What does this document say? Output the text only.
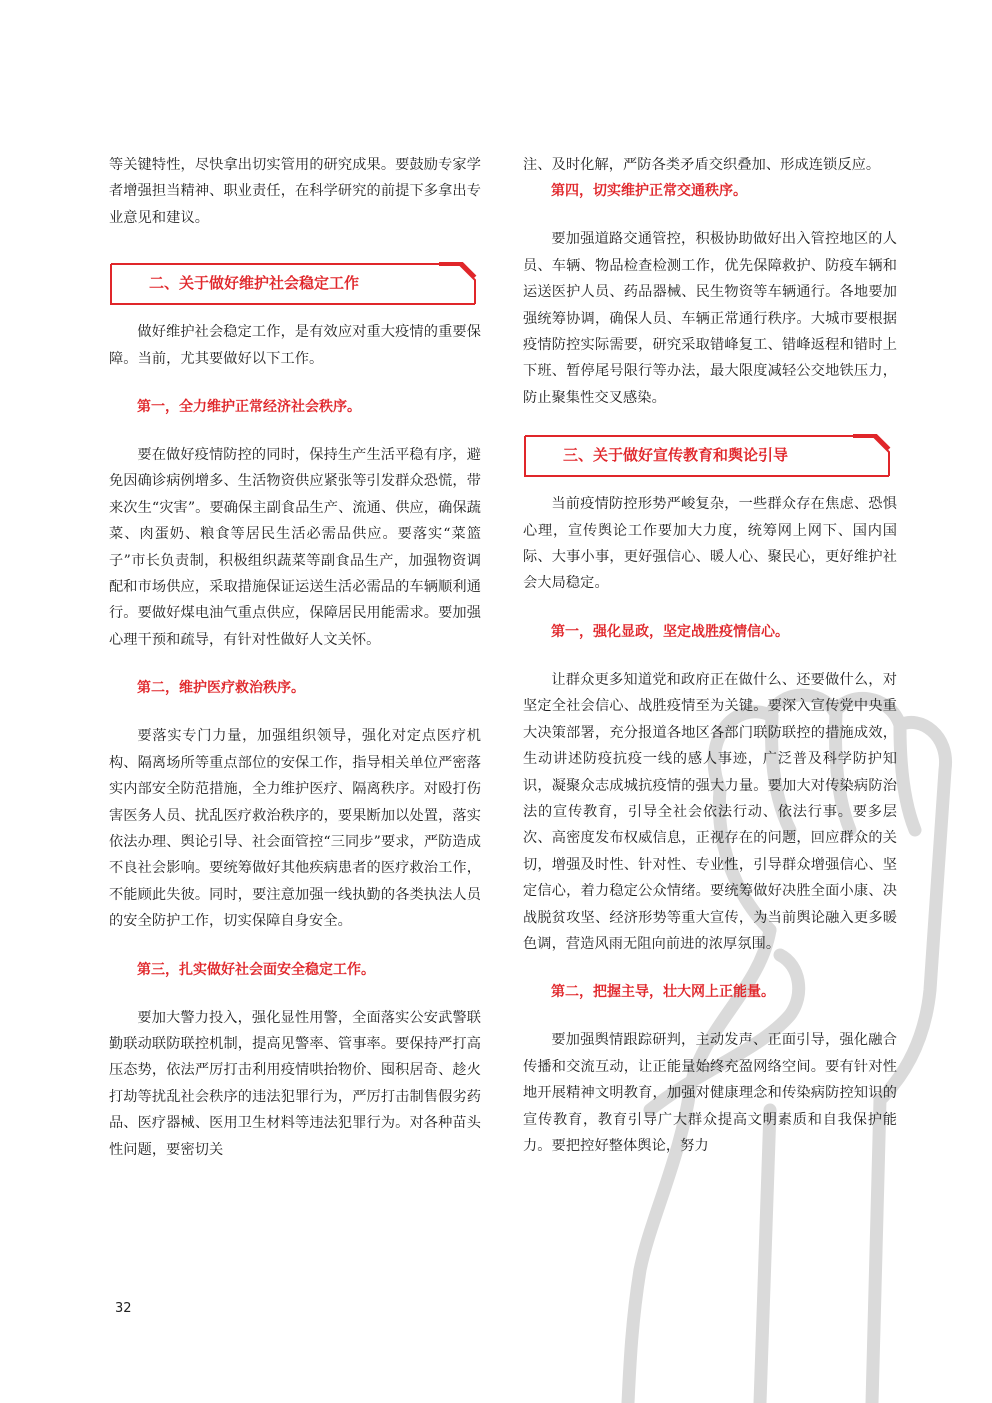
等关键特性，尽快拿出切实管用的研究成果。要鼓励专家学者增强担当精神、职业责任，在科学研究的前提下多拿出专业意见和建议。

二、关于做好维护社会稳定工作

做好维护社会稳定工作，是有效应对重大疫情的重要保障。当前，尤其要做好以下工作。

第一，全力维护正常经济社会秩序。

要在做好疫情防控的同时，保持生产生活平稳有序，避免因确诊病例增多、生活物资供应紧张等引发群众恐慌，带来次生“灾害”。要确保主副食品生产、流通、供应，确保蔬菜、肉蛋奶、粮食等居民生活必需品供应。要落实“菜篮子”市长负责制，积极组织蔬菜等副食品生产，加强物资调配和市场供应，采取措施保证运送生活必需品的车辆顺利通行。要做好煤电油气重点供应，保障居民用能需求。要加强心理干预和疏导，有针对性做好人文关怀。

第二，维护医疗救治秩序。

要落实专门力量，加强组织领导，强化对定点医疗机构、隔离场所等重点部位的安保工作，指导相关单位严密落实内部安全防范措施，全力维护医疗、隔离秩序。对殴打伤害医务人员、扰乱医疗救治秩序的，要果断加以处置，落实依法办理、舆论引导、社会面管控“三同步”要求，严防造成不良社会影响。要统筹做好其他疾病患者的医疗救治工作，不能顾此失彼。同时，要注意加强一线执勤的各类执法人员的安全防护工作，切实保障自身安全。

第三，扎实做好社会面安全稳定工作。

要加大警力投入，强化显性用警，全面落实公安武警联勤联动联防联控机制，提高见警率、管事率。要保持严打高压态势，依法严厉打击利用疫情哄抬物价、囤积居奇、趁火打劫等扰乱社会秩序的违法犯罪行为，严厉打击制售假劣药品、医疗器械、医用卫生材料等违法犯罪行为。对各种苗头性问题，要密切关

注、及时化解，严防各类矛盾交织叠加、形成连锁反应。

第四，切实维护正常交通秩序。

要加强道路交通管控，积极协助做好出入管控地区的人员、车辆、物品检查检测工作，优先保障救护、防疫车辆和运送医护人员、药品器械、民生物资等车辆通行。各地要加强统筹协调，确保人员、车辆正常通行秩序。大城市要根据疫情防控实际需要，研究采取错峰复工、错峰返程和错时上下班、暂停尾号限行等办法，最大限度减轻公交地铁压力，防止聚集性交叉感染。

三、关于做好宣传教育和舆论引导

当前疫情防控形势严峻复杂，一些群众存在焦虑、恐惧心理，宣传舆论工作要加大力度，统筹网上网下、国内国际、大事小事，更好强信心、暖人心、聚民心，更好维护社会大局稳定。

第一，强化显政，坚定战胜疫情信心。

让群众更多知道党和政府正在做什么、还要做什么，对坚定全社会信心、战胜疫情至为关键。要深入宣传党中央重大决策部署，充分报道各地区各部门联防联控的措施成效，生动讲述防疫抗疫一线的感人事迹，广泛普及科学防护知识，凝聚众志成城抗疫情的强大力量。要加大对传染病防治法的宣传教育，引导全社会依法行动、依法行事。要多层次、高密度发布权威信息，正视存在的问题，回应群众的关切，增强及时性、针对性、专业性，引导群众增强信心、坚定信心，着力稳定公众情绪。要统筹做好决胜全面小康、决战脱贫攻坚、经济形势等重大宣传，为当前舆论融入更多暖色调，营造风雨无阻向前进的浓厚氛围。

第二，把握主导，壮大网上正能量。

要加强舆情跟踪研判，主动发声、正面引导，强化融合传播和交流互动，让正能量始终充盈网络空间。要有针对性地开展精神文明教育，加强对健康理念和传染病防控知识的宣传教育，教育引导广大群众提高文明素质和自我保护能力。要把控好整体舆论，努力

32
